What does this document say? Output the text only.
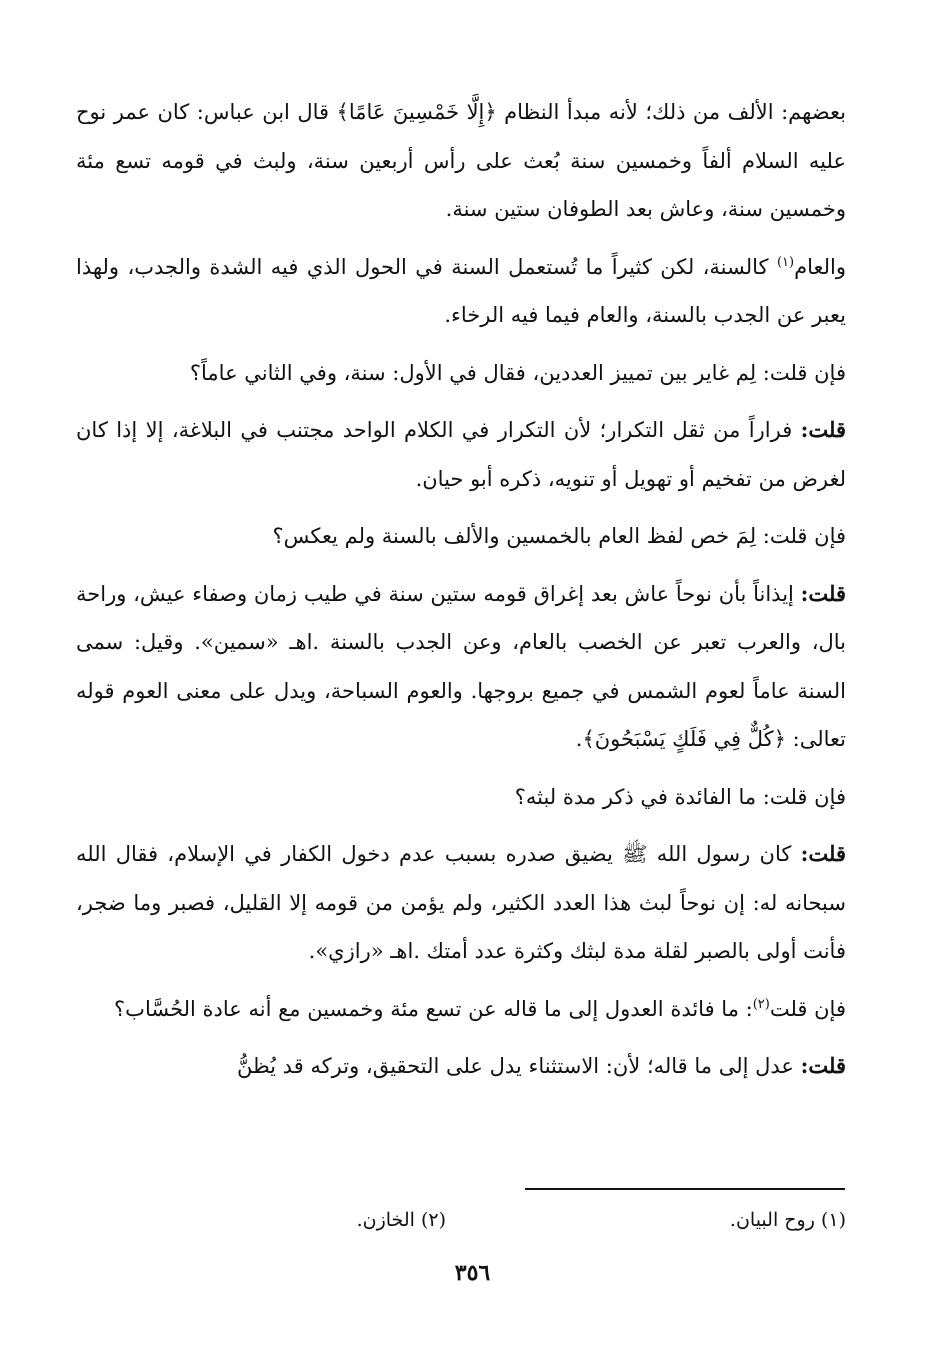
بعضهم: الألف من ذلك؛ لأنه مبدأ النظام ﴿إِلَّا خَمْسِينَ عَامًا﴾ قال ابن عباس: كان عمر نوح عليه السلام ألفاً وخمسين سنة بُعث على رأس أربعين سنة، ولبث في قومه تسع مئة وخمسين سنة، وعاش بعد الطوفان ستين سنة.

والعام$^{(١)}$ كالسنة، لكن كثيراً ما تُستعمل السنة في الحول الذي فيه الشدة والجدب، ولهذا يعبر عن الجدب بالسنة، والعام فيما فيه الرخاء.

فإن قلت: لِم غاير بين تمييز العددين، فقال في الأول: سنة، وفي الثاني عاماً؟

قلت: فراراً من ثقل التكرار؛ لأن التكرار في الكلام الواحد مجتنب في البلاغة، إلا إذا كان لغرض من تفخيم أو تهويل أو تنويه، ذكره أبو حيان.

فإن قلت: لِمَ خص لفظ العام بالخمسين والألف بالسنة ولم يعكس؟

قلت: إيذاناً بأن نوحاً عاش بعد إغراق قومه ستين سنة في طيب زمان وصفاء عيش، وراحة بال، والعرب تعبر عن الخصب بالعام، وعن الجدب بالسنة .اهـ «سمين». وقيل: سمى السنة عاماً لعوم الشمس في جميع بروجها. والعوم السباحة، ويدل على معنى العوم قوله تعالى: ﴿كُلٌّ فِي فَلَكٍ يَسْبَحُونَ﴾.

فإن قلت: ما الفائدة في ذكر مدة لبثه؟

قلت: كان رسول الله ﷺ يضيق صدره بسبب عدم دخول الكفار في الإسلام، فقال الله سبحانه له: إن نوحاً لبث هذا العدد الكثير، ولم يؤمن من قومه إلا القليل، فصبر وما ضجر، فأنت أولى بالصبر لقلة مدة لبثك وكثرة عدد أمتك .اهـ «رازي».

فإن قلت$^{(٢)}$: ما فائدة العدول إلى ما قاله عن تسع مئة وخمسين مع أنه عادة الحُسَّاب؟

قلت: عدل إلى ما قاله؛ لأن: الاستثناء يدل على التحقيق، وتركه قد يُظنُّ

(١) روح البيان.
(٢) الخازن.
٣٥٦
